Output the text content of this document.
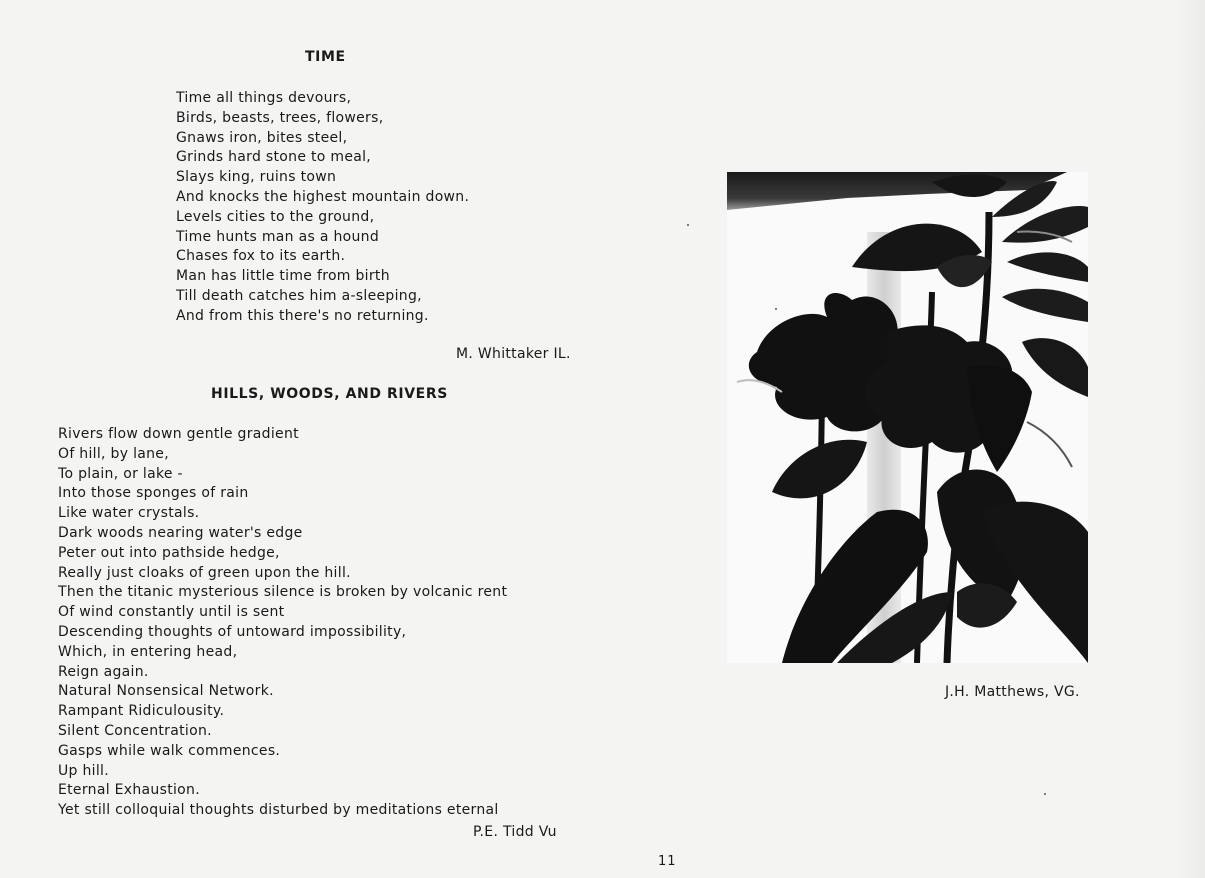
TIME
Time all things devours,
Birds, beasts, trees, flowers,
Gnaws iron, bites steel,
Grinds hard stone to meal,
Slays king, ruins town
And knocks the highest mountain down.
Levels cities to the ground,
Time hunts man as a hound
Chases fox to its earth.
Man has little time from birth
Till death catches him a-sleeping,
And from this there's no returning.
M. Whittaker IL.
HILLS, WOODS, AND RIVERS
Rivers flow down gentle gradient
Of hill, by lane,
To plain, or lake -
Into those sponges of rain
Like water crystals.
Dark woods nearing water's edge
Peter out into pathside hedge,
Really just cloaks of green upon the hill.
Then the titanic mysterious silence is broken by volcanic rent
Of wind constantly until is sent
Descending thoughts of untoward impossibility,
Which, in entering head,
Reign again.
Natural Nonsensical Network.
Rampant Ridiculousity.
Silent Concentration.
Gasps while walk commences.
Up hill.
Eternal Exhaustion.
Yet still colloquial thoughts disturbed by meditations eternal
P.E. Tidd Vu
J.H. Matthews, VG.
11
